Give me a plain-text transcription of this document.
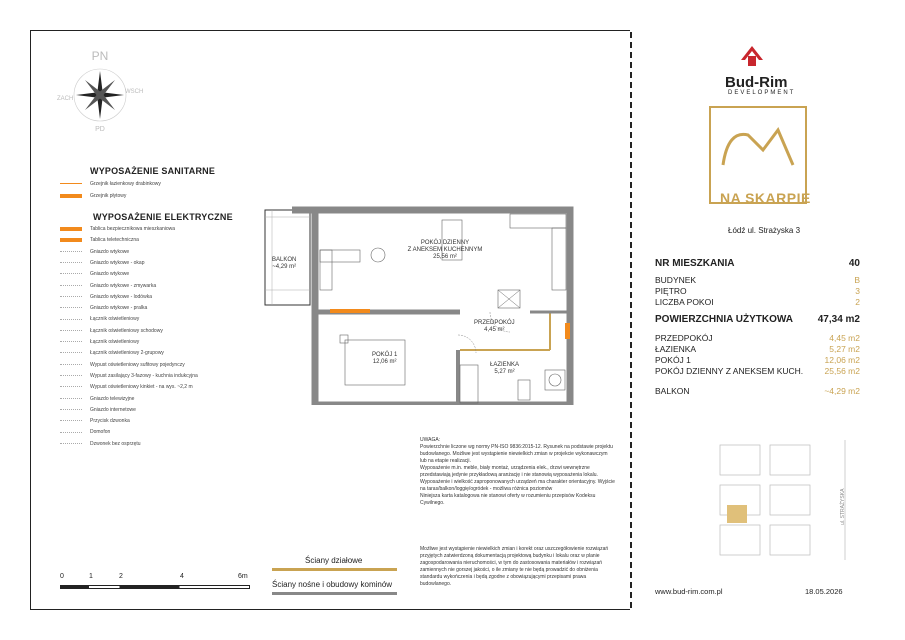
PN
PD
ZACH
WSCH
WYPOSAŻENIE SANITARNE
Grzejnik łazienkowy drabinkowy
Grzejnik płytowy
WYPOSAŻENIE ELEKTRYCZNE
Tablica bezpiecznikowa mieszkaniowa
Tablica teletechniczna
Gniazdo wtykowe
Gniazdo wtykowe - okap
Gniazdo wtykowe
Gniazdo wtykowe - zmywarka
Gniazdo wtykowe - lodówka
Gniazdo wtykowe - pralka
Łącznik oświetleniowy
Łącznik oświetleniowy schodowy
Łącznik oświetleniowy
Łącznik oświetleniowy 2-grupowy
Wypust oświetleniowy sufitowy pojedynczy
Wypust zasilający 3-fazowy - kuchnia indukcyjna
Wypust oświetleniowy kinkiet - na wys. ~2,2 m
Gniazdo telewizyjne
Gniazdo internetowe
Przycisk dzwonka
Domofon
Dzwonek bez osprzętu
BALKON
~4,29 m²

POKÓJ DZIENNY
Z ANEKSEM KUCHENNYM
25,56 m²

PRZEDPOKÓJ
4,45 m²
POKÓJ 1
12,06 m²	ŁAZIENKA
5,27 m²
UWAGA:
Powierzchnie liczone wg normy PN-ISO 9836:2015-12. Rysunek na podstawie projektu budowlanego. Możliwe jest wystąpienie niewielkich zmian w projekcie wykonawczym lub na etapie realizacji.
Wyposażenie m.in. meble, biały montaż, urządzenia elek., drzwi wewnętrzne przedstawiają jedynie przykładową aranżację i nie stanowią wyposażenia lokalu.
Wyposażenie i wielkość zaproponowanych urządzeń ma charakter orientacyjny. Wyjście na taras/balkon/loggię/ogródek - możliwa różnica poziomów
Niniejsza karta katalogowa nie stanowi oferty w rozumieniu przepisów Kodeksu Cywilnego.
Możliwe jest wystąpienie niewielkich zmian i korekt oraz uszczegółowienie rozwiązań przyjętych zatwierdzoną dokumentacją projektową budynku i lokalu oraz w planie zagospodarowania nieruchomości, w tym do zastosowania materiałów i rozwiązań zamiennych nie gorszej jakości, o ile zmiany te nie będą prowadzić do obniżenia standardu wykończenia i będą zgodne z obowiązującymi przepisami prawa budowlanego.
0	1	2	4	6m
Ściany działowe
Ściany nośne i obudowy kominów
Bud-Rim
DEVELOPMENT
NA SKARPIE
Łódź ul. Strażyska 3
NR MIESZKANIA	40
BUDYNEK	B
PIĘTRO	3
LICZBA POKOI	2
POWIERZCHNIA UŻYTKOWA 47,34 m2
PRZEDPOKÓJ	4,45 m2
ŁAZIENKA	5,27 m2
POKÓJ 1	12,06 m2
POKÓJ DZIENNY Z ANEKSEM KUCH.	25,56 m2
BALKON	~4,29 m2
ul. STRAŻYSKA
www.bud-rim.com.pl	18.05.2026
